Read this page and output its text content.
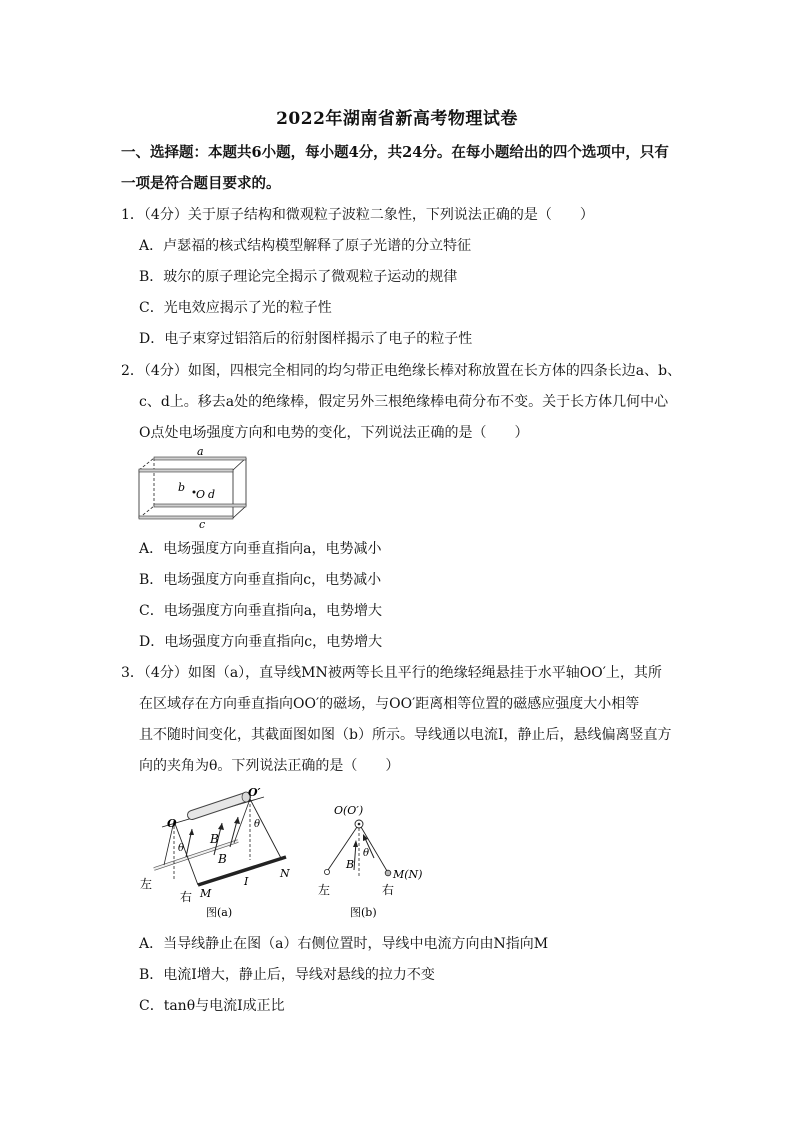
2022年湖南省新高考物理试卷
一、选择题：本题共6小题，每小题4分，共24分。在每小题给出的四个选项中，只有
一项是符合题目要求的。
1．（4分）关于原子结构和微观粒子波粒二象性，下列说法正确的是（　　）
A．卢瑟福的核式结构模型解释了原子光谱的分立特征
B．玻尔的原子理论完全揭示了微观粒子运动的规律
C．光电效应揭示了光的粒子性
D．电子束穿过铝箔后的衍射图样揭示了电子的粒子性
2．（4分）如图，四根完全相同的均匀带正电绝缘长棒对称放置在长方体的四条长边a、b、
c、d上。移去a处的绝缘棒，假定另外三根绝缘棒电荷分布不变。关于长方体几何中心
O点处电场强度方向和电势的变化，下列说法正确的是（　　）
a
b
O d
c
A．电场强度方向垂直指向a，电势减小
B．电场强度方向垂直指向c，电势减小
C．电场强度方向垂直指向a，电势增大
D．电场强度方向垂直指向c，电势增大
3．（4分）如图（a），直导线MN被两等长且平行的绝缘轻绳悬挂于水平轴OO′上，其所
在区域存在方向垂直指向OO′的磁场，与OO′距离相等位置的磁感应强度大小相等
且不随时间变化，其截面图如图（b）所示。导线通以电流I，静止后，悬线偏离竖直方
向的夹角为θ。下列说法正确的是（　　）
O
O′
θ
θ
B
B
I
M
N
左
右
图(a)
O(O′)
B
θ
M(N)
左	右
图(b)
A．当导线静止在图（a）右侧位置时，导线中电流方向由N指向M
B．电流I增大，静止后，导线对悬线的拉力不变
C．tanθ与电流I成正比
